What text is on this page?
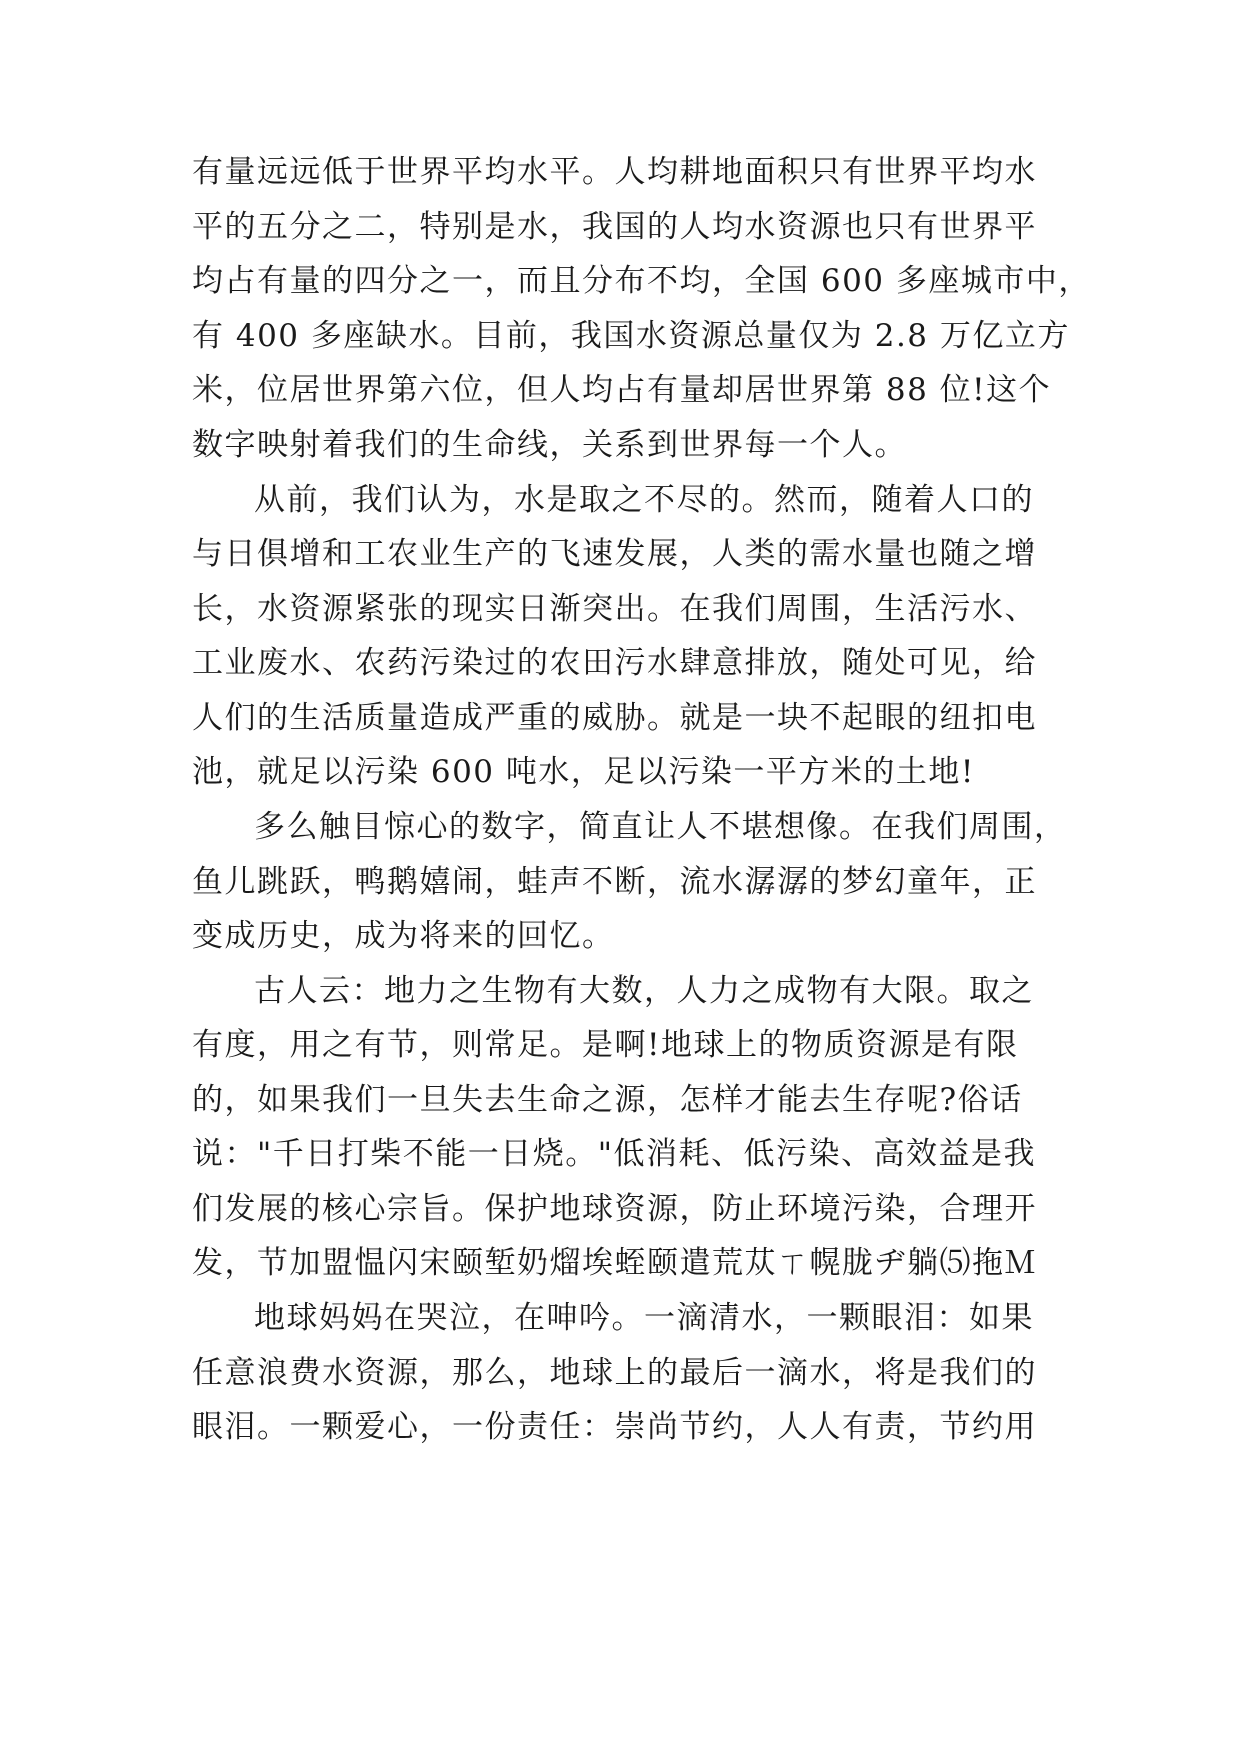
有量远远低于世界平均水平。人均耕地面积只有世界平均水
平的五分之二，特别是水，我国的人均水资源也只有世界平
均占有量的四分之一，而且分布不均，全国 600 多座城市中，
有 400 多座缺水。目前，我国水资源总量仅为 2.8 万亿立方
米，位居世界第六位，但人均占有量却居世界第 88 位!这个
数字映射着我们的生命线，关系到世界每一个人。
从前，我们认为，水是取之不尽的。然而，随着人口的
与日俱增和工农业生产的飞速发展，人类的需水量也随之增
长，水资源紧张的现实日渐突出。在我们周围，生活污水、
工业废水、农药污染过的农田污水肆意排放，随处可见，给
人们的生活质量造成严重的威胁。就是一块不起眼的纽扣电
池，就足以污染 600 吨水，足以污染一平方米的土地!
多么触目惊心的数字，简直让人不堪想像。在我们周围，
鱼儿跳跃，鸭鹅嬉闹，蛙声不断，流水潺潺的梦幻童年，正
变成历史，成为将来的回忆。
古人云：地力之生物有大数，人力之成物有大限。取之
有度，用之有节，则常足。是啊!地球上的物质资源是有限
的，如果我们一旦失去生命之源，怎样才能去生存呢?俗话
说："千日打柴不能一日烧。"低消耗、低污染、高效益是我
们发展的核心宗旨。保护地球资源，防止环境污染，合理开
发，节加盟愠闪宋颐堑奶熘埃蛭颐遣荒苁ㄒ幌胧ヂ躺⑸拖Ｍ
地球妈妈在哭泣，在呻吟。一滴清水，一颗眼泪：如果
任意浪费水资源，那么，地球上的最后一滴水，将是我们的
眼泪。一颗爱心，一份责任：崇尚节约，人人有责，节约用
